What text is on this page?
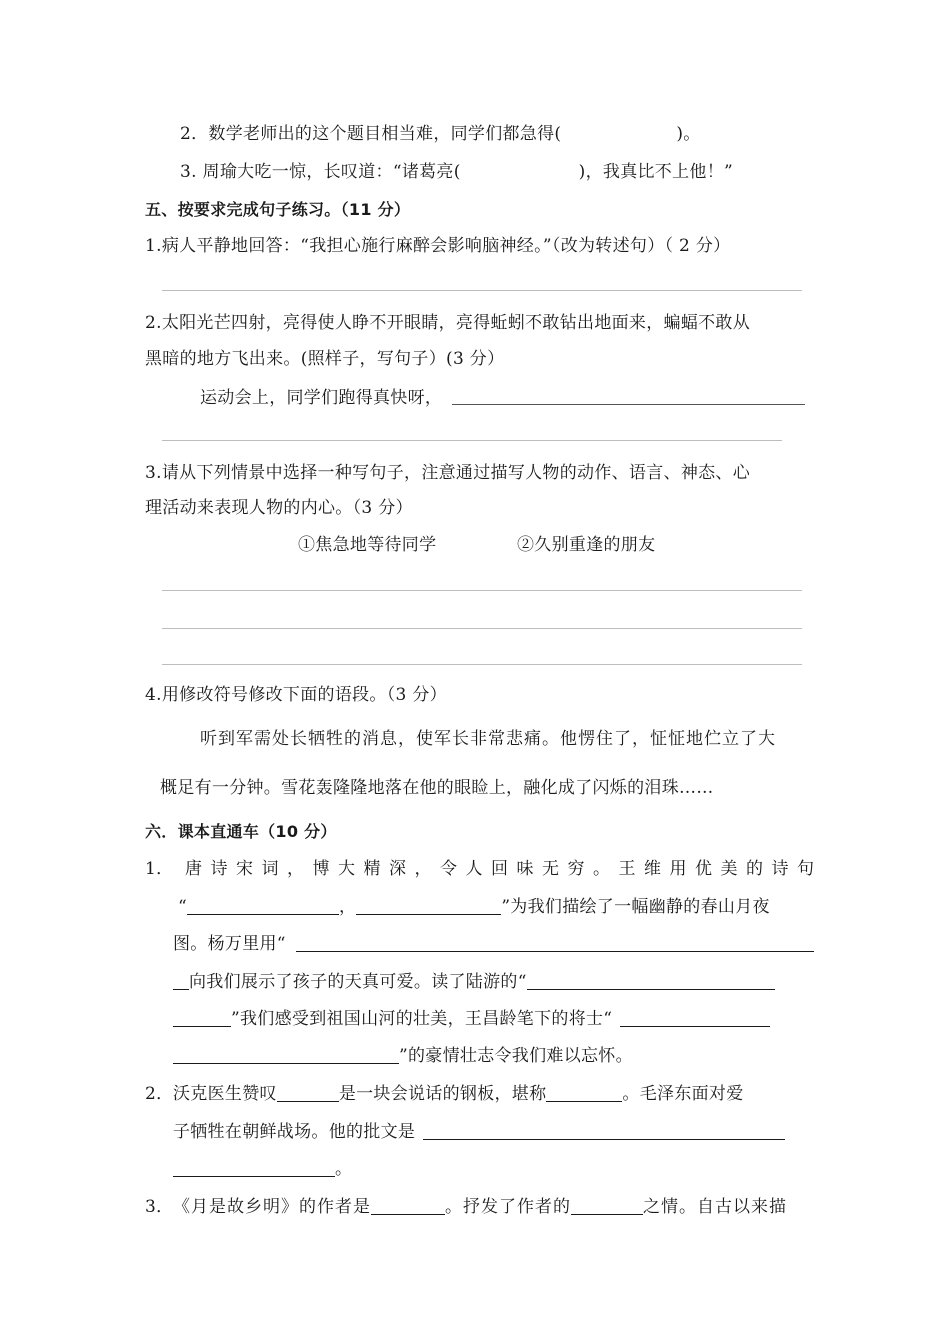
2．数学老师出的这个题目相当难，同学们都急得(	)。
3. 周瑜大吃一惊，长叹道：“诸葛亮(	)，我真比不上他！”
五、按要求完成句子练习。（11 分）
1.病人平静地回答：“我担心施行麻醉会影响脑神经。”（改为转述句）（ 2 分）
2.太阳光芒四射，亮得使人睁不开眼睛，亮得蚯蚓不敢钻出地面来，蝙蝠不敢从
黑暗的地方飞出来。(照样子，写句子）(3 分）
运动会上，同学们跑得真快呀，
3.请从下列情景中选择一种写句子，注意通过描写人物的动作、语言、神态、心
理活动来表现人物的内心。（3 分）
①焦急地等待同学	②久别重逢的朋友
4.用修改符号修改下面的语段。（3 分）
听到军需处长牺牲的消息，使军长非常悲痛。他愣住了，怔怔地伫立了大
概足有一分钟。雪花轰隆隆地落在他的眼睑上，融化成了闪烁的泪珠……
六．课本直通车（10 分）
1． 唐诗宋词，博大精深，令人回味无穷。王维用优美的诗句
“	，	”为我们描绘了一幅幽静的春山月夜
图。杨万里用“
向我们展示了孩子的天真可爱。读了陆游的“
”我们感受到祖国山河的壮美，王昌龄笔下的将士“
”的豪情壮志令我们难以忘怀。
2． 沃克医生赞叹	是一块会说话的钢板，堪称	。毛泽东面对爱
子牺牲在朝鲜战场。他的批文是
。
3． 《月是故乡明》的作者是	。抒发了作者的	之情。自古以来描
